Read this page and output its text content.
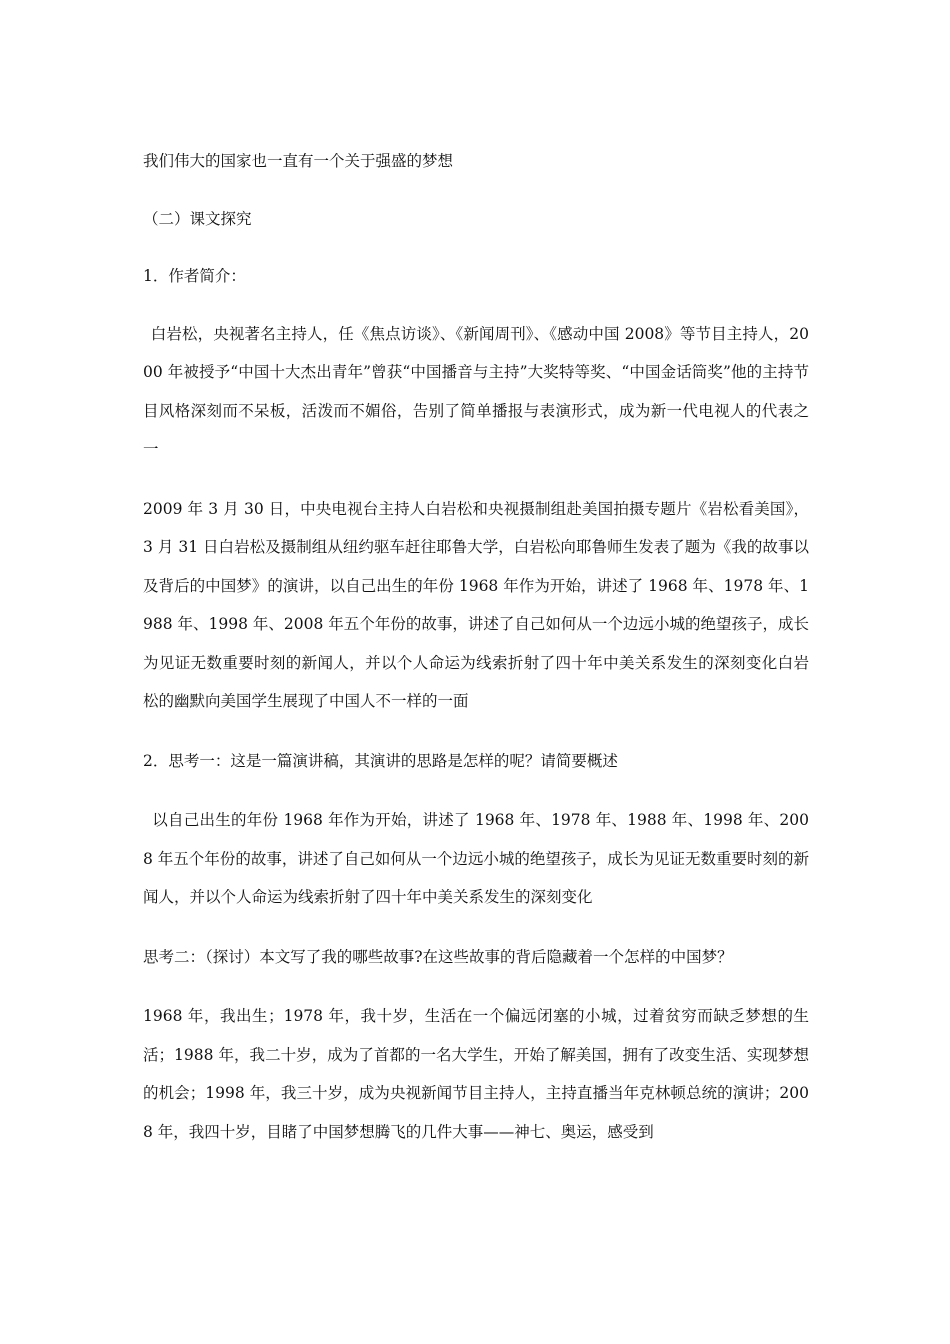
我们伟大的国家也一直有一个关于强盛的梦想

（二）课文探究

1．作者简介：

白岩松，央视著名主持人，任《焦点访谈》、《新闻周刊》、《感动中国 2008》等节目主持人，2000 年被授予“中国十大杰出青年”曾获“中国播音与主持”大奖特等奖、“中国金话筒奖”他的主持节目风格深刻而不呆板，活泼而不媚俗，告别了简单播报与表演形式，成为新一代电视人的代表之一

2009 年 3 月 30 日，中央电视台主持人白岩松和央视摄制组赴美国拍摄专题片《岩松看美国》，3 月 31 日白岩松及摄制组从纽约驱车赶往耶鲁大学，白岩松向耶鲁师生发表了题为《我的故事以及背后的中国梦》的演讲，以自己出生的年份 1968 年作为开始，讲述了 1968 年、1978 年、1988 年、1998 年、2008 年五个年份的故事，讲述了自己如何从一个边远小城的绝望孩子，成长为见证无数重要时刻的新闻人，并以个人命运为线索折射了四十年中美关系发生的深刻变化白岩松的幽默向美国学生展现了中国人不一样的一面

2．思考一：这是一篇演讲稿，其演讲的思路是怎样的呢？请简要概述

以自己出生的年份 1968 年作为开始，讲述了 1968 年、1978 年、1988 年、1998 年、2008 年五个年份的故事，讲述了自己如何从一个边远小城的绝望孩子，成长为见证无数重要时刻的新闻人，并以个人命运为线索折射了四十年中美关系发生的深刻变化

思考二：（探讨）本文写了我的哪些故事?在这些故事的背后隐藏着一个怎样的中国梦？

1968 年，我出生；1978 年，我十岁，生活在一个偏远闭塞的小城，过着贫穷而缺乏梦想的生活；1988 年，我二十岁，成为了首都的一名大学生，开始了解美国，拥有了改变生活、实现梦想的机会；1998 年，我三十岁，成为央视新闻节目主持人，主持直播当年克林顿总统的演讲；2008 年，我四十岁，目睹了中国梦想腾飞的几件大事——神七、奥运，感受到
